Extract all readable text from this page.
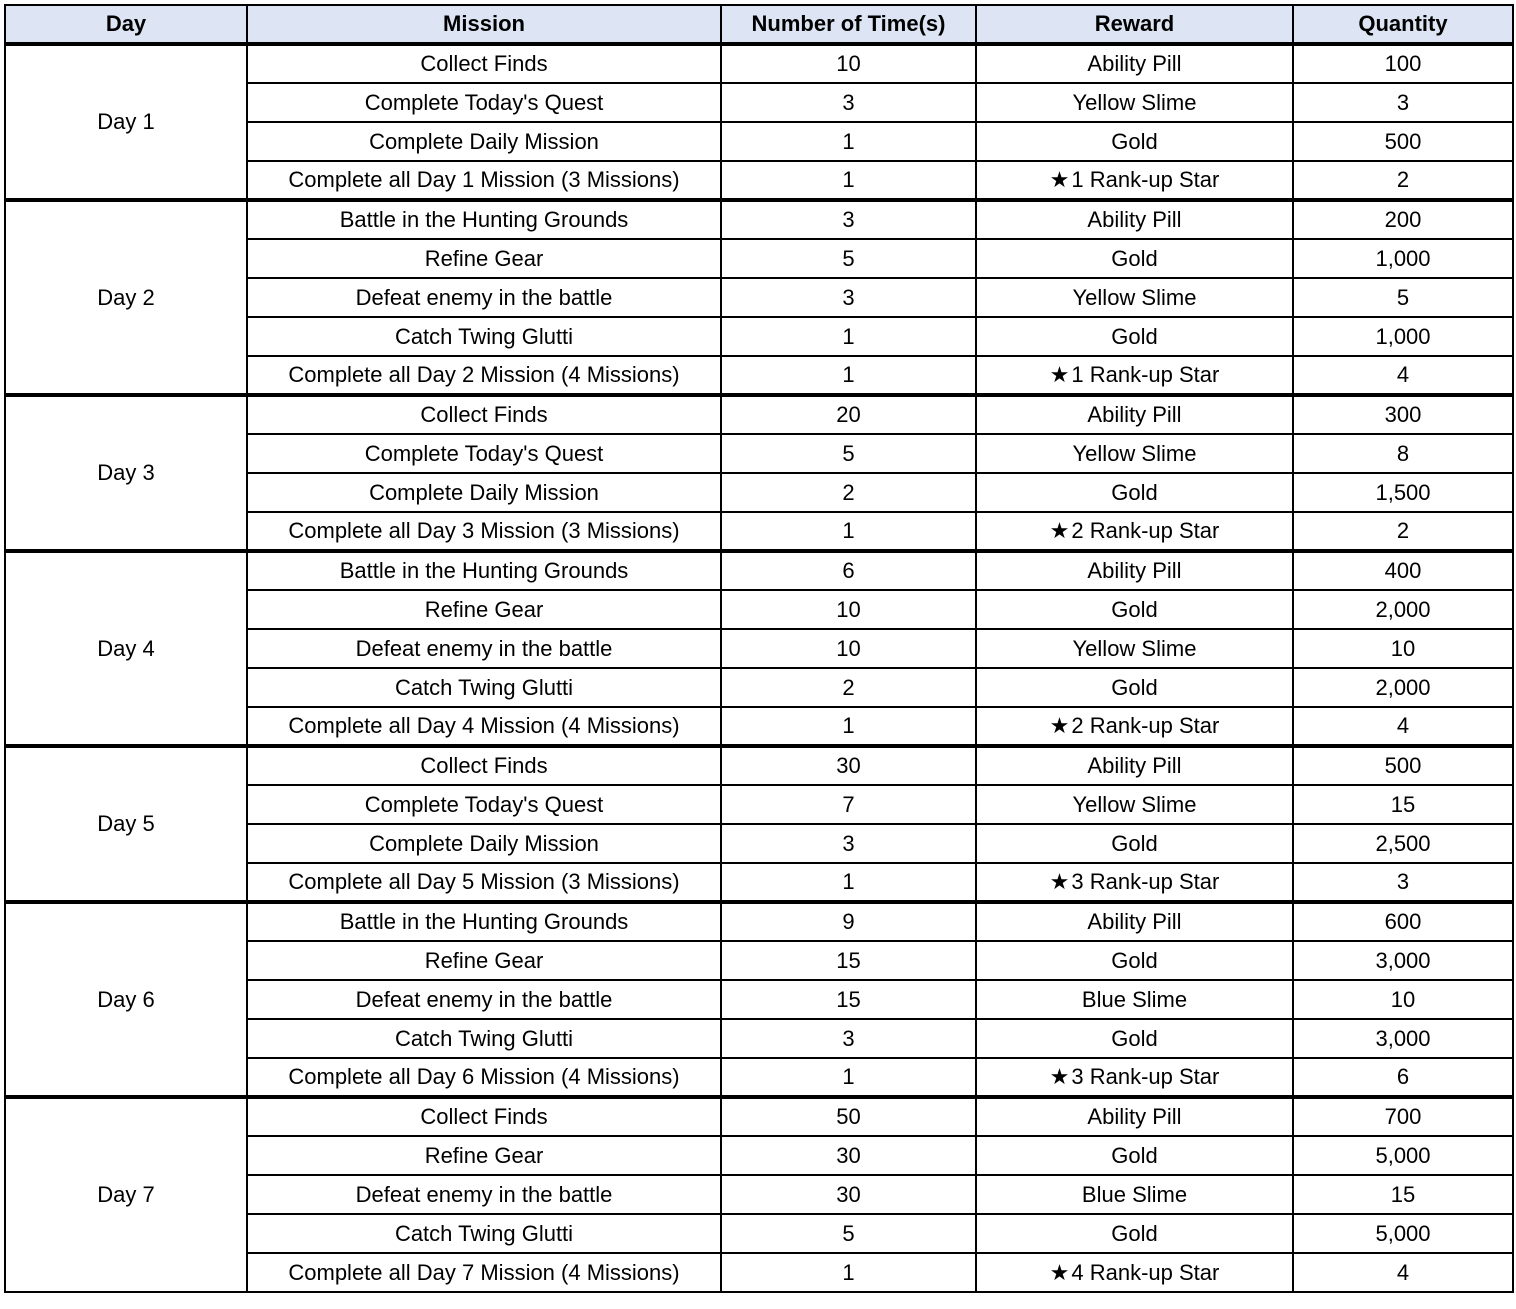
Day	Mission	Number of Time(s)	Reward	Quantity
Day 1	Collect Finds	10	Ability Pill	100
	Complete Today's Quest	3	Yellow Slime	3
	Complete Daily Mission	1	Gold	500
	Complete all Day 1 Mission (3 Missions)	1	★1 Rank-up Star	2
Day 2	Battle in the Hunting Grounds	3	Ability Pill	200
	Refine Gear	5	Gold	1,000
	Defeat enemy in the battle	3	Yellow Slime	5
	Catch Twing Glutti	1	Gold	1,000
	Complete all Day 2 Mission (4 Missions)	1	★1 Rank-up Star	4
Day 3	Collect Finds	20	Ability Pill	300
	Complete Today's Quest	5	Yellow Slime	8
	Complete Daily Mission	2	Gold	1,500
	Complete all Day 3 Mission (3 Missions)	1	★2 Rank-up Star	2
Day 4	Battle in the Hunting Grounds	6	Ability Pill	400
	Refine Gear	10	Gold	2,000
	Defeat enemy in the battle	10	Yellow Slime	10
	Catch Twing Glutti	2	Gold	2,000
	Complete all Day 4 Mission (4 Missions)	1	★2 Rank-up Star	4
Day 5	Collect Finds	30	Ability Pill	500
	Complete Today's Quest	7	Yellow Slime	15
	Complete Daily Mission	3	Gold	2,500
	Complete all Day 5 Mission (3 Missions)	1	★3 Rank-up Star	3
Day 6	Battle in the Hunting Grounds	9	Ability Pill	600
	Refine Gear	15	Gold	3,000
	Defeat enemy in the battle	15	Blue Slime	10
	Catch Twing Glutti	3	Gold	3,000
	Complete all Day 6 Mission (4 Missions)	1	★3 Rank-up Star	6
Day 7	Collect Finds	50	Ability Pill	700
	Refine Gear	30	Gold	5,000
	Defeat enemy in the battle	30	Blue Slime	15
	Catch Twing Glutti	5	Gold	5,000
	Complete all Day 7 Mission (4 Missions)	1	★4 Rank-up Star	4
